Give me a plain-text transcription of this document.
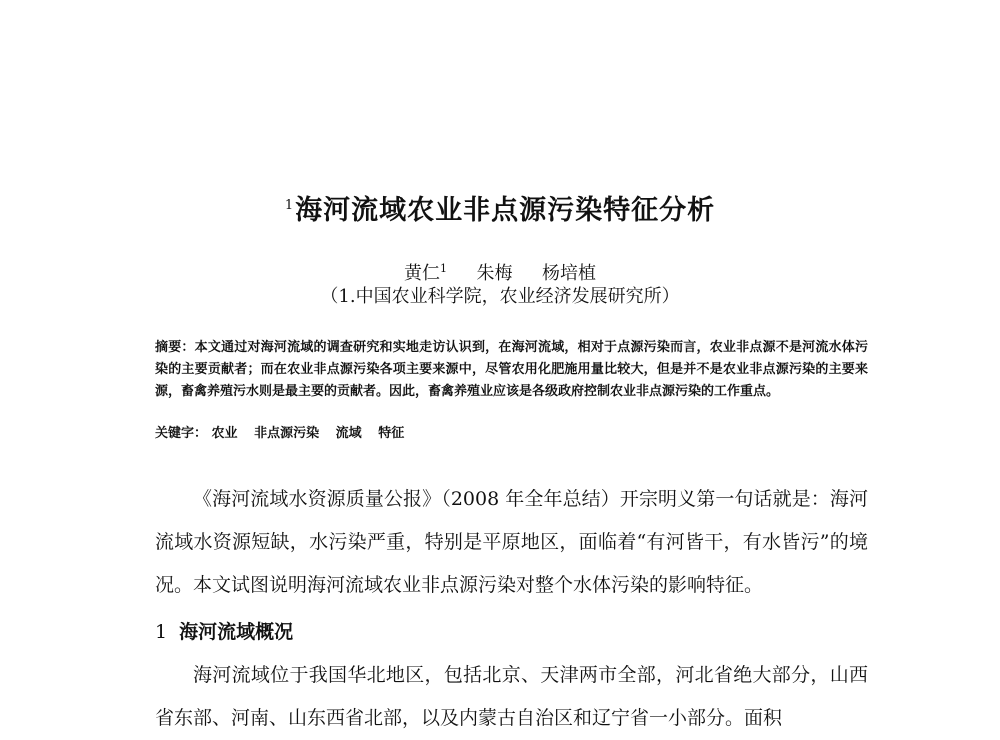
$^1$海河流域农业非点源污染特征分析
黄仁$^1$ 朱梅 杨培植
（1.中国农业科学院，农业经济发展研究所）

摘要：本文通过对海河流域的调查研究和实地走访认识到，在海河流域，相对于点源污染而言，农业非点源不是河流水体污染的主要贡献者；而在农业非点源污染各项主要来源中，尽管农用化肥施用量比较大，但是并不是农业非点源污染的主要来源，畜禽养殖污水则是最主要的贡献者。因此，畜禽养殖业应该是各级政府控制农业非点源污染的工作重点。

关键字： 农业 非点源污染 流域 特征
《海河流域水资源质量公报》（2008 年全年总结）开宗明义第一句话就是：海河流域水资源短缺，水污染严重，特别是平原地区，面临着“有河皆干，有水皆污”的境况。本文试图说明海河流域农业非点源污染对整个水体污染的影响特征。
1 海河流域概况
海河流域位于我国华北地区，包括北京、天津两市全部，河北省绝大部分，山西省东部、河南、山东西省北部，以及内蒙古自治区和辽宁省一小部分。面积
